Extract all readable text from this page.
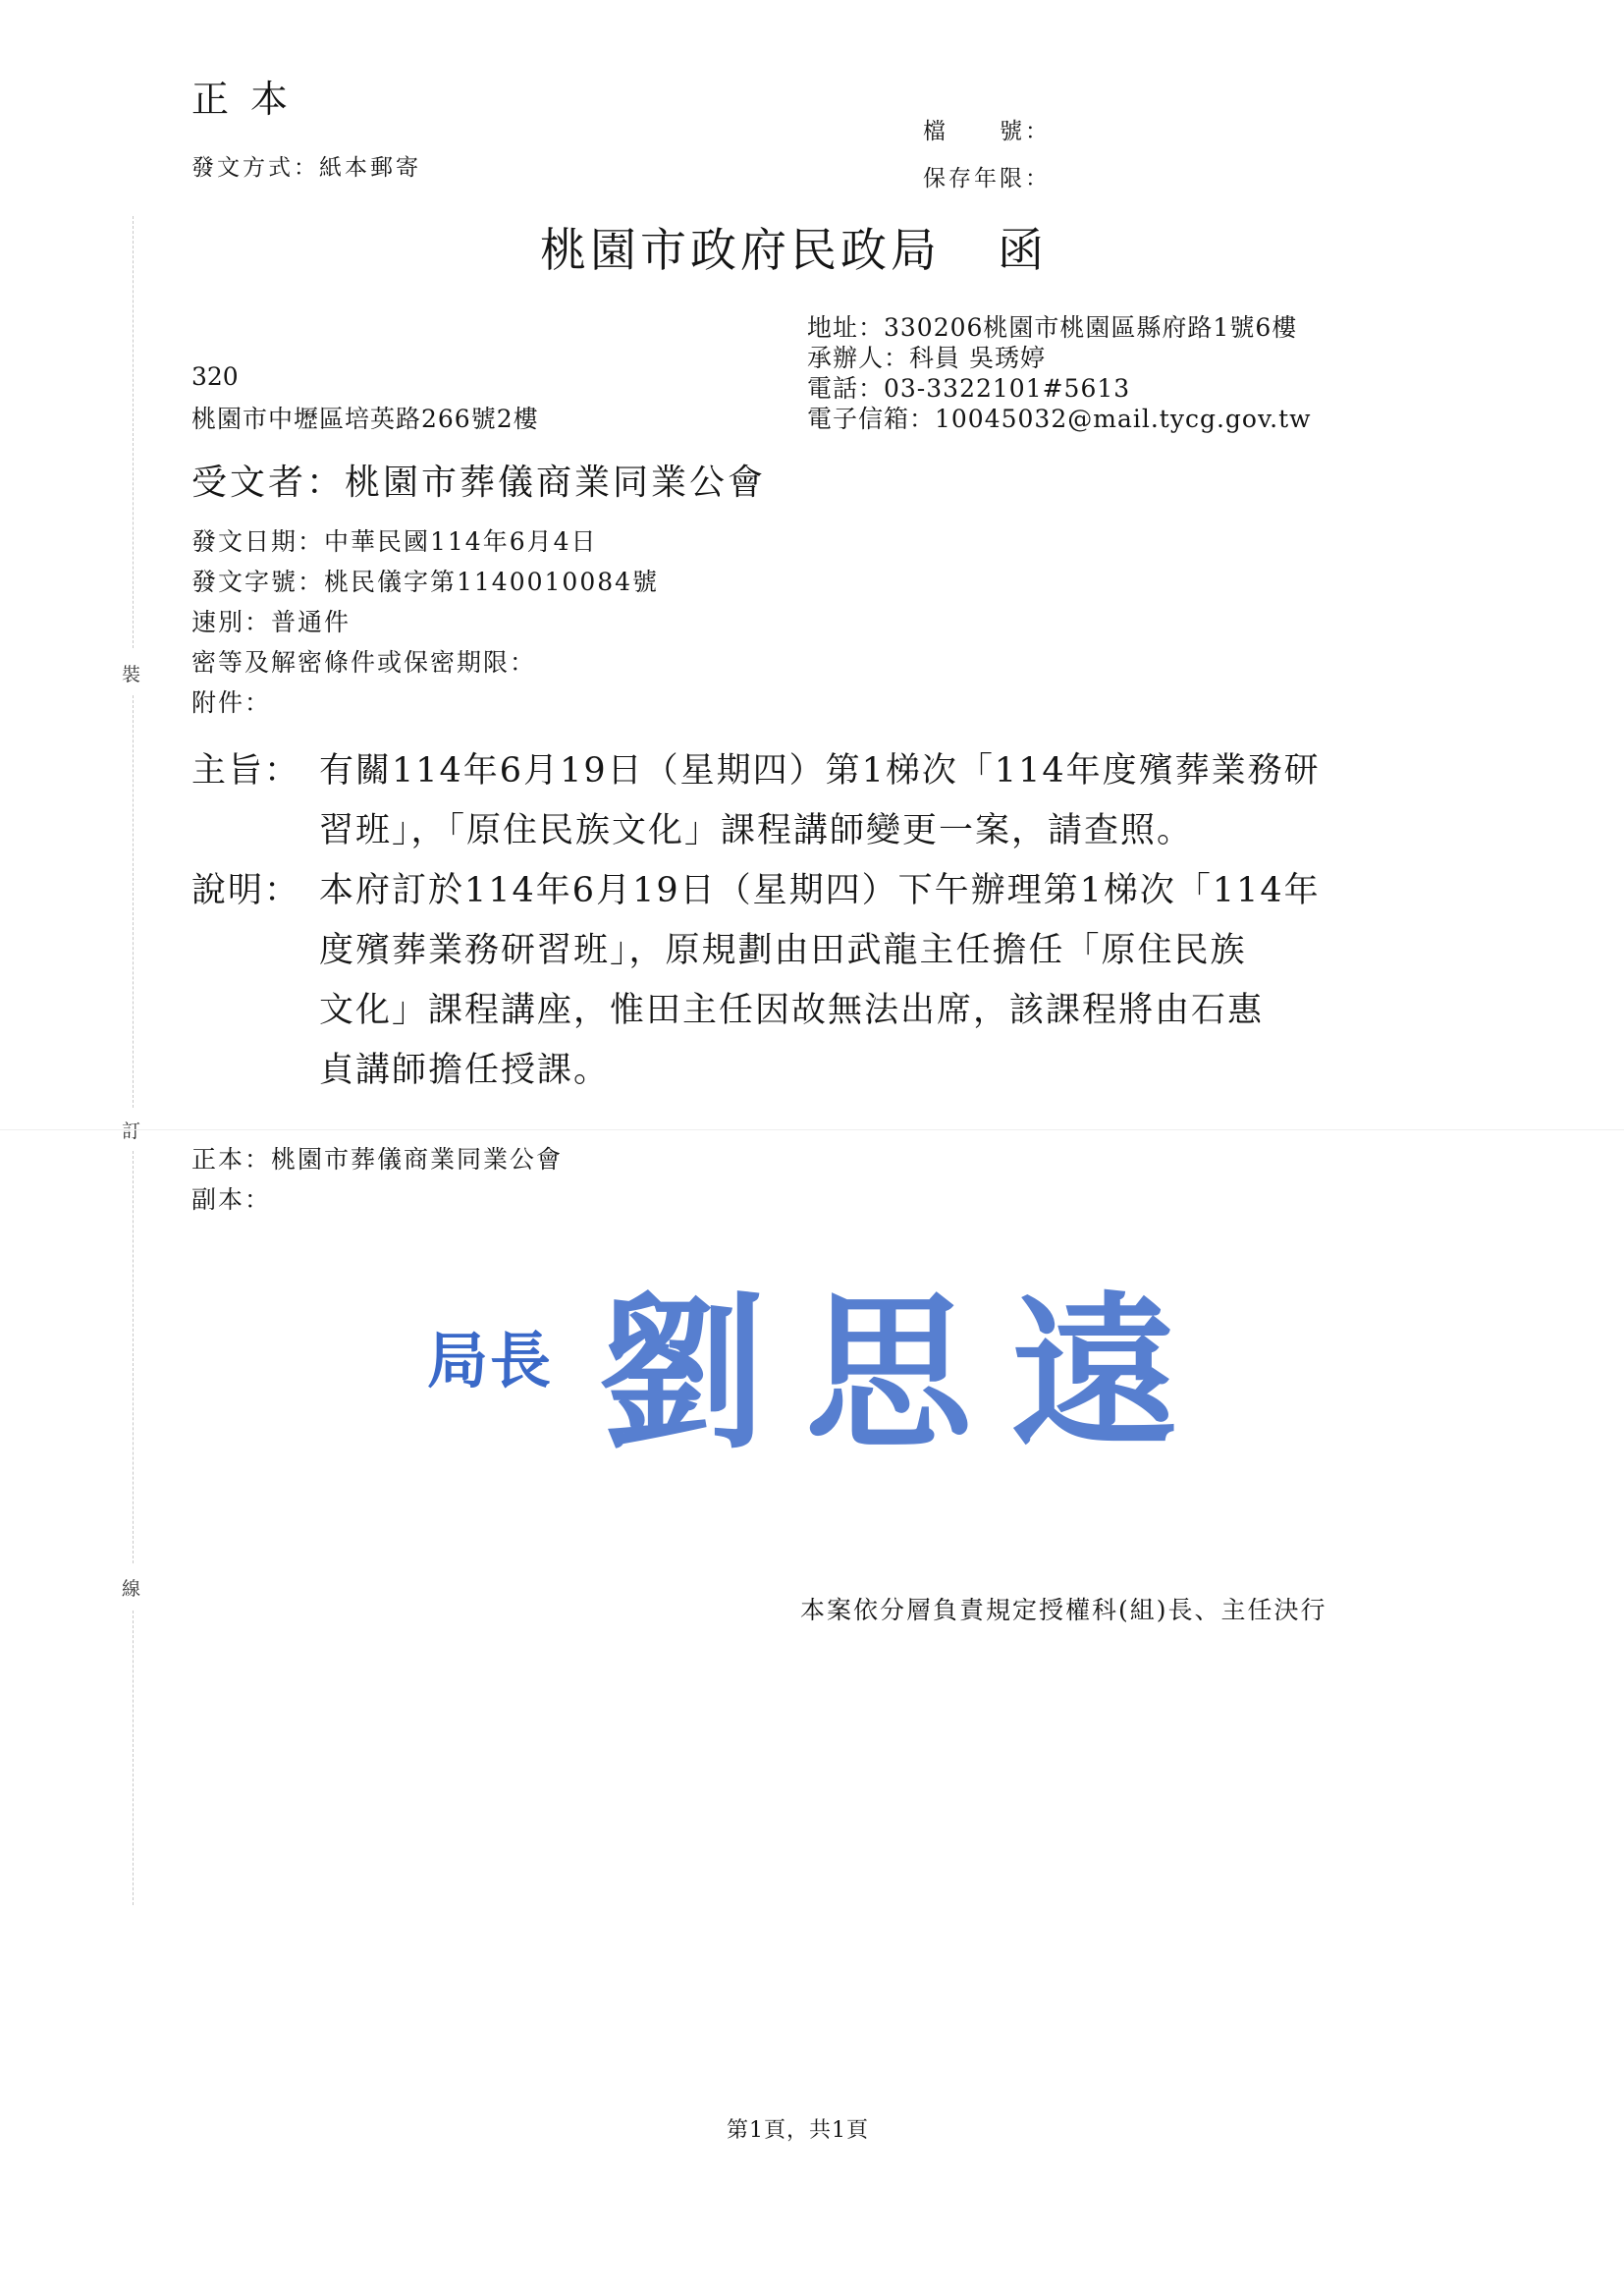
正本
發文方式：紙本郵寄
檔　　號：
保存年限：
桃園市政府民政局 函
地址：330206桃園市桃園區縣府路1號6樓
承辦人：科員 吳琇婷
電話：03-3322101#5613
電子信箱：10045032@mail.tycg.gov.tw
320
桃園市中壢區培英路266號2樓
受文者：桃園市葬儀商業同業公會
發文日期：中華民國114年6月4日
發文字號：桃民儀字第1140010084號
速別：普通件
密等及解密條件或保密期限：
附件：
裝
訂
線
主旨： 有關114年6月19日（星期四）第1梯次「114年度殯葬業務研
習班」，「原住民族文化」課程講師變更一案，請查照。
說明： 本府訂於114年6月19日（星期四）下午辦理第1梯次「114年
度殯葬業務研習班」，原規劃由田武龍主任擔任「原住民族
文化」課程講座，惟田主任因故無法出席，該課程將由石惠
貞講師擔任授課。
正本：桃園市葬儀商業同業公會
副本：
局長 劉思遠
本案依分層負責規定授權科(組)長、主任決行
第1頁，共1頁
